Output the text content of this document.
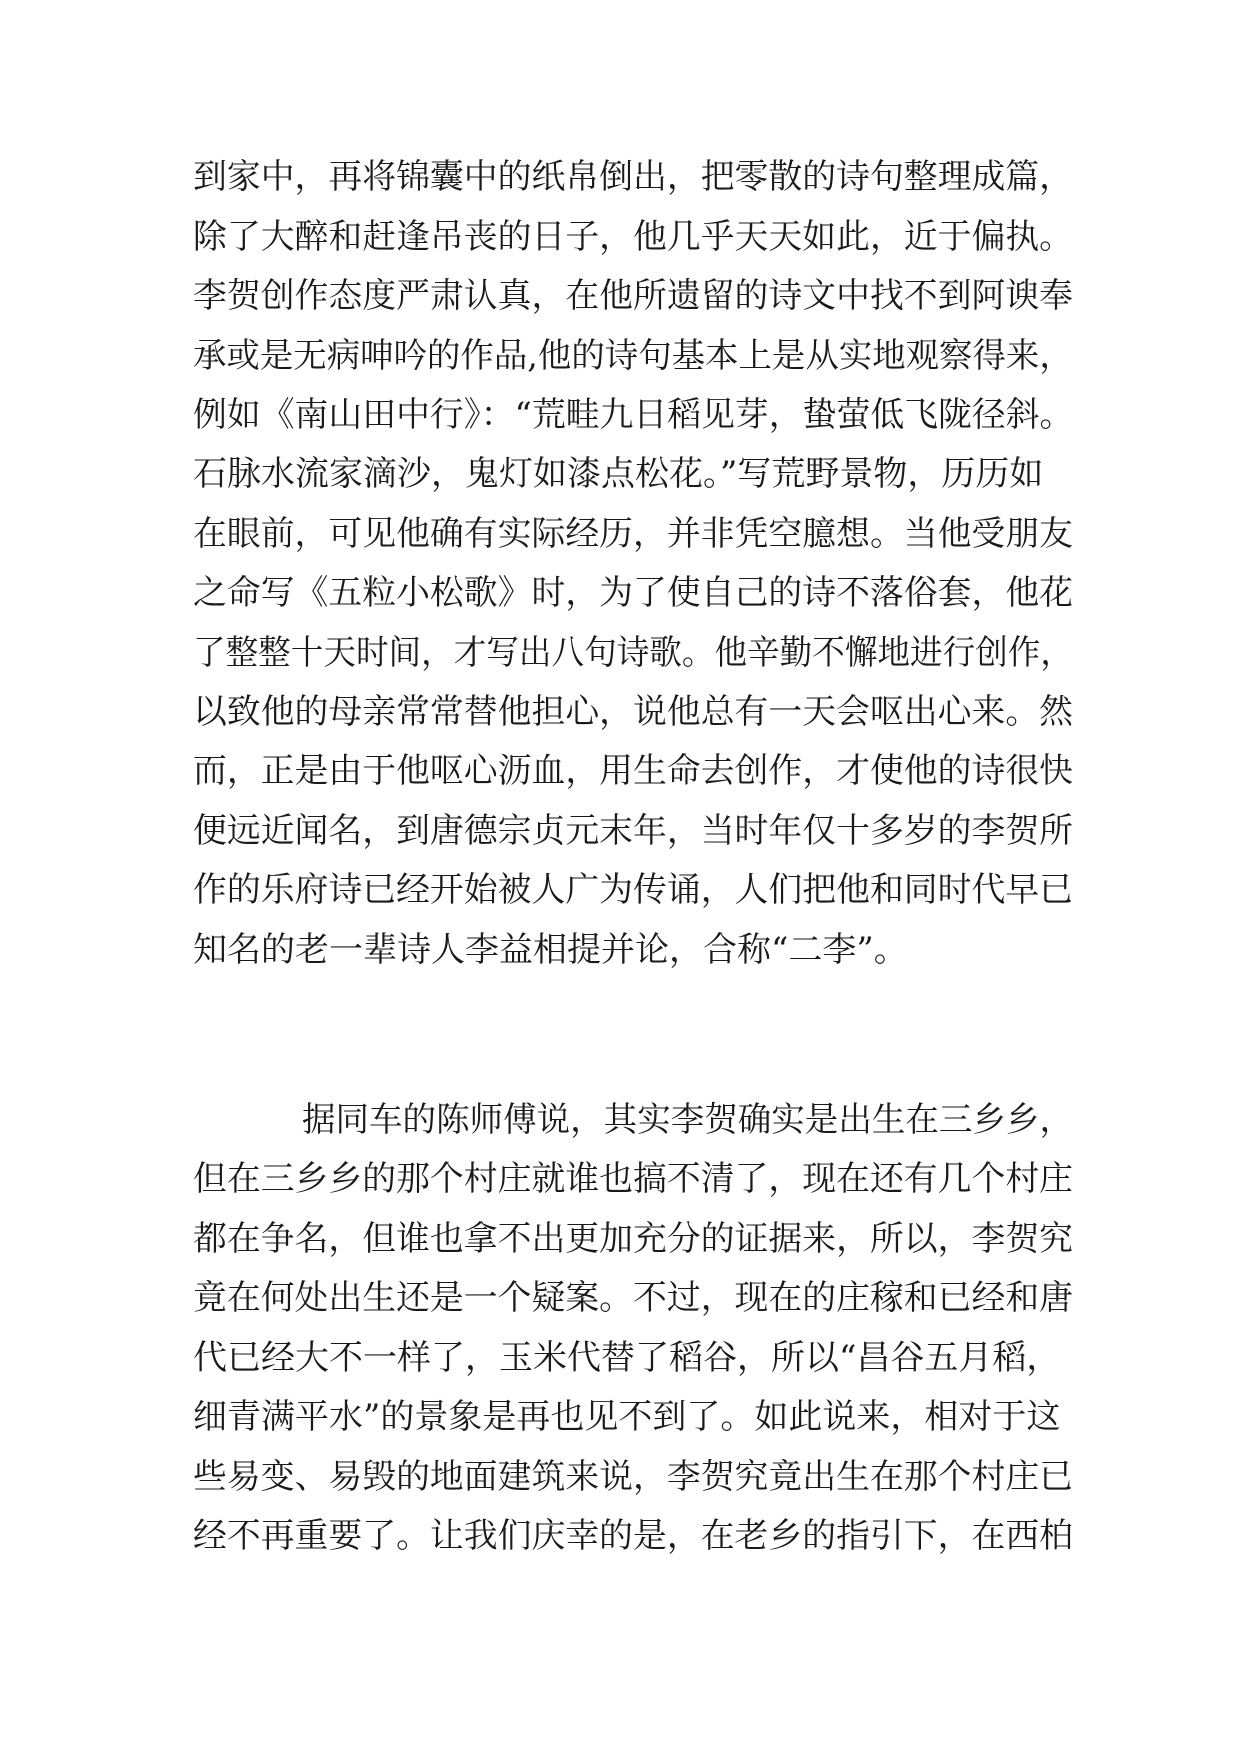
到家中，再将锦囊中的纸帛倒出，把零散的诗句整理成篇，
除了大醉和赶逢吊丧的日子，他几乎天天如此，近于偏执。
李贺创作态度严肃认真，在他所遗留的诗文中找不到阿谀奉
承或是无病呻吟的作品,他的诗句基本上是从实地观察得来，
例如《南山田中行》：“荒畦九日稻见芽，蛰萤低飞陇径斜。
石脉水流家滴沙，鬼灯如漆点松花。”写荒野景物，历历如
在眼前，可见他确有实际经历，并非凭空臆想。当他受朋友
之命写《五粒小松歌》时，为了使自己的诗不落俗套，他花
了整整十天时间，才写出八句诗歌。他辛勤不懈地进行创作，
以致他的母亲常常替他担心，说他总有一天会呕出心来。然
而，正是由于他呕心沥血，用生命去创作，才使他的诗很快
便远近闻名，到唐德宗贞元末年，当时年仅十多岁的李贺所
作的乐府诗已经开始被人广为传诵，人们把他和同时代早已
知名的老一辈诗人李益相提并论，合称“二李”。
据同车的陈师傅说，其实李贺确实是出生在三乡乡，
但在三乡乡的那个村庄就谁也搞不清了，现在还有几个村庄
都在争名，但谁也拿不出更加充分的证据来，所以，李贺究
竟在何处出生还是一个疑案。不过，现在的庄稼和已经和唐
代已经大不一样了，玉米代替了稻谷，所以“昌谷五月稻，
细青满平水”的景象是再也见不到了。如此说来，相对于这
些易变、易毁的地面建筑来说，李贺究竟出生在那个村庄已
经不再重要了。让我们庆幸的是，在老乡的指引下，在西柏
